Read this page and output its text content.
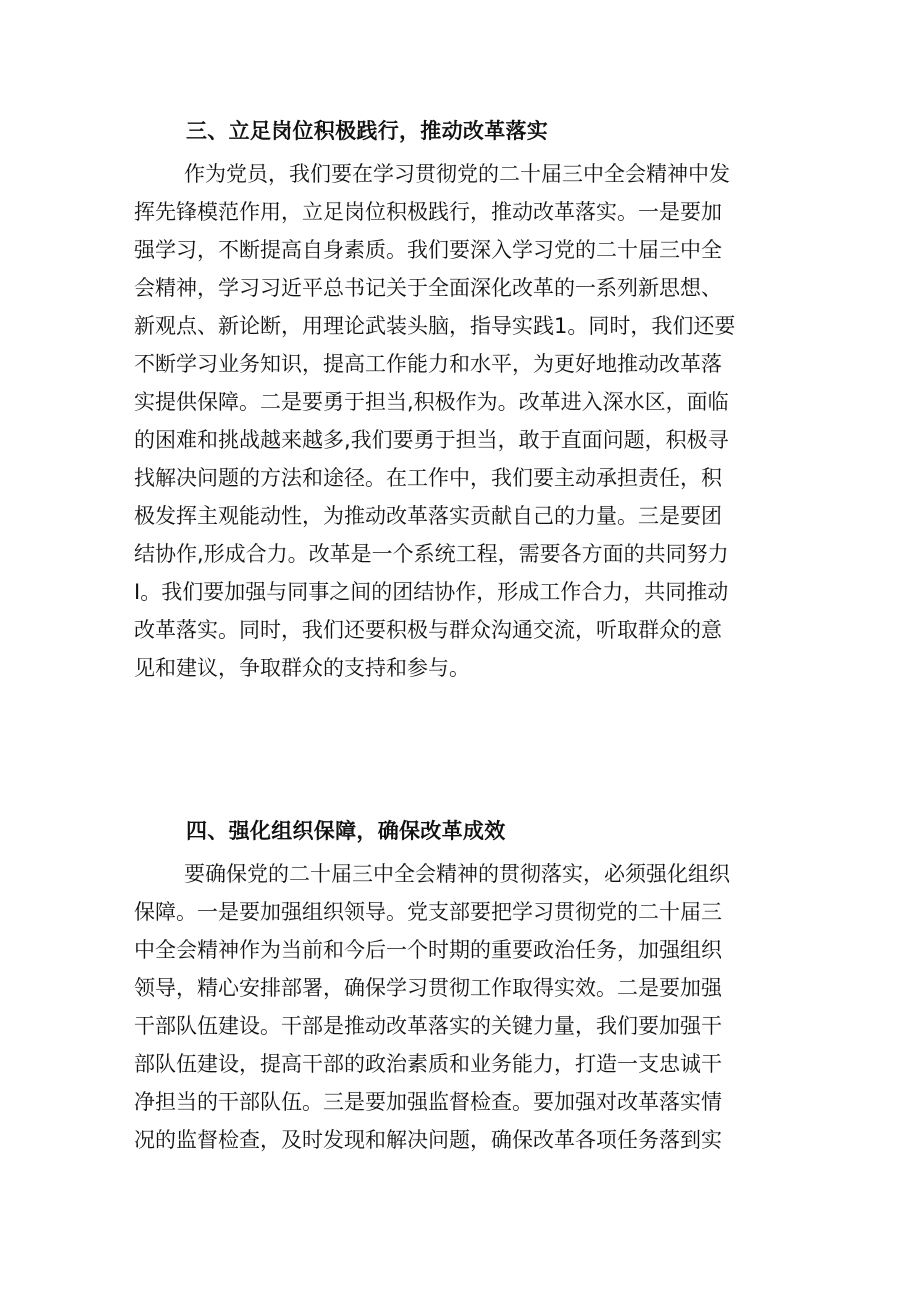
三、立足岗位积极践行，推动改革落实
作为党员，我们要在学习贯彻党的二十届三中全会精神中发
挥先锋模范作用，立足岗位积极践行，推动改革落实。一是要加
强学习，不断提高自身素质。我们要深入学习党的二十届三中全
会精神，学习习近平总书记关于全面深化改革的一系列新思想、
新观点、新论断，用理论武装头脑，指导实践1。同时，我们还要
不断学习业务知识，提高工作能力和水平，为更好地推动改革落
实提供保障。二是要勇于担当,积极作为。改革进入深水区，面临
的困难和挑战越来越多,我们要勇于担当，敢于直面问题，积极寻
找解决问题的方法和途径。在工作中，我们要主动承担责任，积
极发挥主观能动性，为推动改革落实贡献自己的力量。三是要团
结协作,形成合力。改革是一个系统工程，需要各方面的共同努力
I。我们要加强与同事之间的团结协作，形成工作合力，共同推动
改革落实。同时，我们还要积极与群众沟通交流，听取群众的意
见和建议，争取群众的支持和参与。
四、强化组织保障，确保改革成效
要确保党的二十届三中全会精神的贯彻落实，必须强化组织
保障。一是要加强组织领导。党支部要把学习贯彻党的二十届三
中全会精神作为当前和今后一个时期的重要政治任务，加强组织
领导，精心安排部署，确保学习贯彻工作取得实效。二是要加强
干部队伍建设。干部是推动改革落实的关键力量，我们要加强干
部队伍建设，提高干部的政治素质和业务能力，打造一支忠诚干
净担当的干部队伍。三是要加强监督检查。要加强对改革落实情
况的监督检查，及时发现和解决问题，确保改革各项任务落到实
